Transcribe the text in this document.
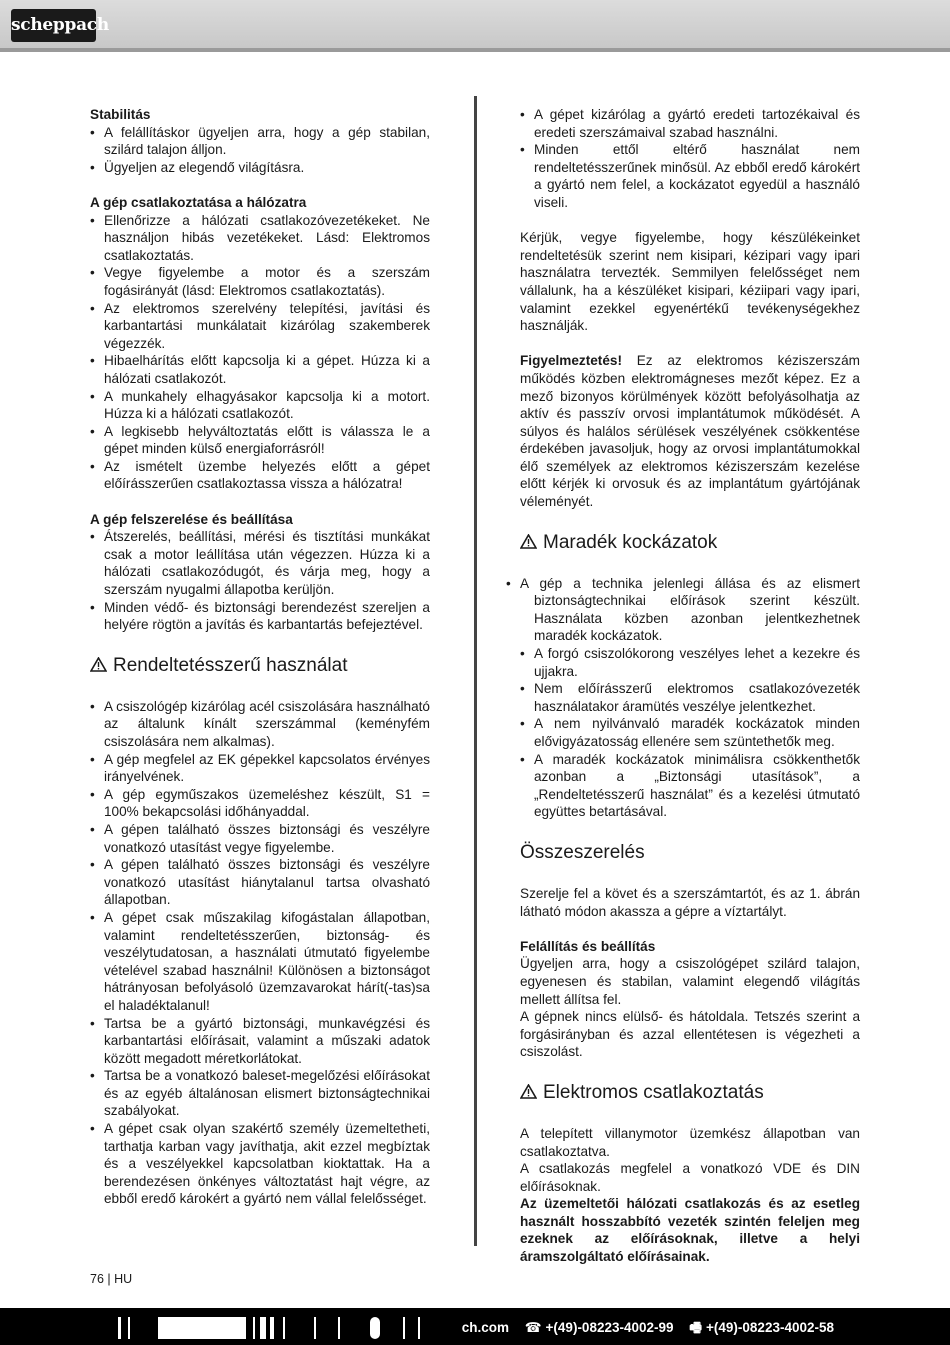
scheppach
Stabilitás
• A felállításkor ügyeljen arra, hogy a gép stabilan, szilárd talajon álljon.
• Ügyeljen az elegendő világításra.
A gép csatlakoztatása a hálózatra
• Ellenőrizze a hálózati csatlakozóvezetékeket. Ne használjon hibás vezetékeket. Lásd: Elektromos csatlakoztatás.
• Vegye figyelembe a motor és a szerszám fogásirányát (lásd: Elektromos csatlakoztatás).
• Az elektromos szerelvény telepítési, javítási és karbantartási munkálatait kizárólag szakemberek végezzék.
• Hibaelhárítás előtt kapcsolja ki a gépet. Húzza ki a hálózati csatlakozót.
• A munkahely elhagyásakor kapcsolja ki a motort. Húzza ki a hálózati csatlakozót.
• A legkisebb helyváltoztatás előtt is válassza le a gépet minden külső energiaforrásról!
• Az ismételt üzembe helyezés előtt a gépet előírásszerűen csatlakoztassa vissza a hálózatra!
A gép felszerelése és beállítása
• Átszerelés, beállítási, mérési és tisztítási munkákat csak a motor leállítása után végezzen. Húzza ki a hálózati csatlakozódugót, és várja meg, hogy a szerszám nyugalmi állapotba kerüljön.
• Minden védő- és biztonsági berendezést szereljen a helyére rögtön a javítás és karbantartás befejeztével.
Rendeltetésszerű használat
• A csiszológép kizárólag acél csiszolására használható az általunk kínált szerszámmal (keményfém csiszolására nem alkalmas).
• A gép megfelel az EK gépekkel kapcsolatos érvényes irányelvének.
• A gép egyműszakos üzemeléshez készült, S1 = 100% bekapcsolási időhányaddal.
• A gépen található összes biztonsági és veszélyre vonatkozó utasítást vegye figyelembe.
• A gépen található összes biztonsági és veszélyre vonatkozó utasítást hiánytalanul tartsa olvasható állapotban.
• A gépet csak műszakilag kifogástalan állapotban, valamint rendeltetésszerűen, biztonság- és veszélytudatosan, a használati útmutató figyelembe vételével szabad használni! Különösen a biztonságot hátrányosan befolyásoló üzemzavarokat hárít(-tas)sa el haladéktalanul!
• Tartsa be a gyártó biztonsági, munkavégzési és karbantartási előírásait, valamint a műszaki adatok között megadott méretkorlátokat.
• Tartsa be a vonatkozó baleset-megelőzési előírásokat és az egyéb általánosan elismert biztonságtechnikai szabályokat.
• A gépet csak olyan szakértő személy üzemeltetheti, tarthatja karban vagy javíthatja, akit ezzel megbíztak és a veszélyekkel kapcsolatban kioktattak. Ha a berendezésen önkényes változtatást hajt végre, az ebből eredő károkért a gyártó nem vállal felelősséget.
• A gépet kizárólag a gyártó eredeti tartozékaival és eredeti szerszámaival szabad használni.
• Minden ettől eltérő használat nem rendeltetésszerűnek minősül. Az ebből eredő károkért a gyártó nem felel, a kockázatot egyedül a használó viseli.

Kérjük, vegye figyelembe, hogy készülékeinket rendeltetésük szerint nem kisipari, kézipari vagy ipari használatra tervezték. Semmilyen felelősséget nem vállalunk, ha a készüléket kisipari, kéziipari vagy ipari, valamint ezekkel egyenértékű tevékenységekhez használják.

Figyelmeztetés! Ez az elektromos kéziszerszám működés közben elektromágneses mezőt képez. Ez a mező bizonyos körülmények között befolyásolhatja az aktív és passzív orvosi implantátumok működését. A súlyos és halálos sérülések veszélyének csökkentése érdekében javasoljuk, hogy az orvosi implantátumokkal élő személyek az elektromos kéziszerszám kezelése előtt kérjék ki orvosuk és az implantátum gyártójának véleményét.

Maradék kockázatok
• A gép a technika jelenlegi állása és az elismert biztonságtechnikai előírások szerint készült. Használata közben azonban jelentkezhetnek maradék kockázatok.
• A forgó csiszolókorong veszélyes lehet a kezekre és ujjakra.
• Nem előírásszerű elektromos csatlakozóvezeték használatakor áramütés veszélye jelentkezhet.
• A nem nyilvánvaló maradék kockázatok minden elővigyázatosság ellenére sem szüntethetők meg.
• A maradék kockázatok minimálisra csökkenthetők azonban a „Biztonsági utasítások”, a „Rendeltetésszerű használat” és a kezelési útmutató együttes betartásával.
Összeszerelés

Szerelje fel a követ és a szerszámtartót, és az 1. ábrán látható módon akassza a gépre a víztartályt.

Felállítás és beállítás

Ügyeljen arra, hogy a csiszológépet szilárd talajon, egyenesen és stabilan, valamint elegendő világítás mellett állítsa fel.

A gépnek nincs elülső- és hátoldala. Tetszés szerint a forgásirányban és azzal ellentétesen is végezheti a csiszolást.

Elektromos csatlakoztatás

A telepített villanymotor üzemkész állapotban van csatlakoztatva.

A csatlakozás megfelel a vonatkozó VDE és DIN előírásoknak.

Az üzemeltetői hálózati csatlakozás és az esetleg használt hosszabbító vezeték szintén feleljen meg ezeknek az előírásoknak, illetve a helyi áramszolgáltató előírásainak.

76 | HU
ch.com ☎ +(49)-08223-4002-99 🖷 +(49)-08223-4002-58
